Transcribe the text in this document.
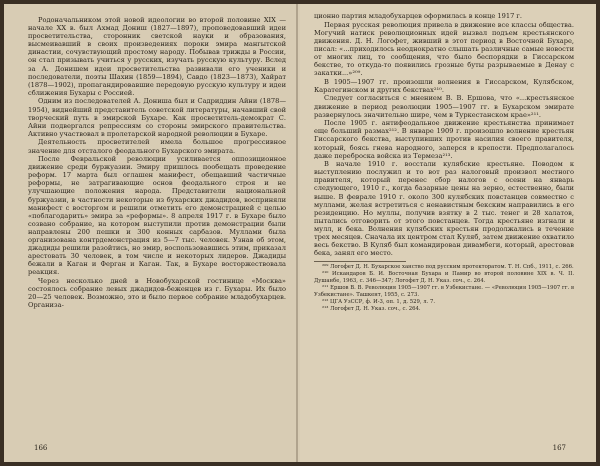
Родоначальником этой новой идеологии во второй половине XIX — начале XX в. был Ахмад Дониш (1827—1897), проповедовавший идеи просветительства, сторонник светской науки и образования, высмеивавший в своих произведениях пороки эмира мангытской династии, сочувствующий простому народу. Побывав трижды в России, он стал призывать учиться у русских, изучать русскую культуру. Вслед за А. Донишем идеи просветительства развивали его ученики и последователи, поэты Шахин (1859—1894), Савдо (1823—1873), Хайрат (1878—1902), пропагандировавшие передовую русскую культуру и идеи сближения Бухары с Россией.

Одним из последователей А. Дониша был и Садриддин Айни (1878—1954), виднейший представитель советской литературы, начавший свой творческий путь в эмирской Бухаре. Как просветитель-демократ С. Айни подвергался репрессиям со стороны эмирского правительства. Активно участвовал в пролетарской народной революции в Бухаре.

Деятельность просветителей имела большое прогрессивное значение для отсталого феодального Бухарского эмирата.

После Февральской революции усиливается оппозиционное движение среди буржуазии. Эмиру пришлось пообещать проведение реформ. 17 марта был оглашен манифест, обещавший частичные реформы, не затрагивающие основ феодального строя и не улучшающие положения народа. Представители национальной буржуазии, в частности некоторые из бухарских джадидов, восприняли манифест с восторгом и решили отметить его демонстрацией с целью «поблагодарить» эмира за «реформы». 8 апреля 1917 г. в Бухаре было созвано собрание, на котором выступили против демонстрации были направлены 200 пешки и 300 конных сарбазов. Муллами была организована контрдемонстрация из 5—7 тыс. человек. Узнав об этом, джадиды решили разойтись, но эмир, воспользовавшись этим, приказал арестовать 30 человек, в том числе и некоторых лидеров. Джадиды бежали в Каган и Ферган и Каган. Так, в Бухаре восторжествовала реакция.

Через несколько дней в Новобухарской гостинице «Москва» состоялось собрание левых джадидов-беженцев из г. Бухары. Их было 20—25 человек. Возможно, это и было первое собрание младобухарцев. Организа-

166

ционно партия младобухарцев оформилась в конце 1917 г.

Первая русская революция привела в движение все классы общества. Могучий натиск революционных идей вызвал подъем крестьянского движения. Д. Н. Логофет, живший в этот период в Восточной Бухаре, писал: «...приходилось неоднократно слышать различные самые новости от многих лиц, то сообщения, что было беспорядки в Гиссарском бекстве, то откуда-то появились грозные буты разрываемые в Денау с закатки...»²⁰⁹.

В 1905—1907 гг. произошли волнения в Гиссарском, Кулябском, Каратегинском и других бекствах²¹⁰.

Следует согласиться с мнением В. В. Ершова, что «...крестьянское движение в период революции 1905—1907 гг. в Бухарском эмирате развернулось значительно шире, чем в Туркестанском крае»²¹¹.

После 1905 г. антифеодальное движение крестьянства принимает еще больший размах²¹². В январе 1909 г. произошло волнение крестьян Гиссарского бекства, выступивших против насилия своего правителя, который, боясь гнева народного, заперся в крепости. Предполагалось даже переброска войска из Термеза²¹³.

В начале 1910 г. восстали кулябские крестьяне. Поводом к выступлению послужил и то вот раз налоговый произвол местного правителя, который перенес сбор налогов с осени на январь следующего, 1910 г., когда базарные цены на зерно, естественно, были выше. В феврале 1910 г. около 300 кулябских повстанцев совместно с муллами, желая встретиться с ненавистным бекским направились в его резиденцию. Но муллы, получив взятку в 2 тыс. тенег и 28 халатов, пытались отговорить от этого повстанцев. Тогда крестьяне изгнали и мулл, и бека. Волнения кулябских крестьян продолжались в течение трех месяцев. Сначала их центром стал Куляб, затем движение охватило весь бекство. В Куляб был командирован дивамбеги, который, арестовав бека, занял его место.

²⁰⁹ Логофет Д. Н. Бухарское ханство под русским протекторатом. Т. Н. Спб., 1911, с. 266.

²¹⁰ Искандаров Б. И. Восточная Бухара и Памир во второй половине XIX в. Ч. II. Душанбе, 1963, с. 346—347; Логофет Д. Н. Указ. соч., с. 264.

²¹¹ Ершов В. В. Революция 1905—1907 гг. в Узбекистане. — «Революция 1905—1907 гг. в Узбекистане». Ташкент, 1955, с. 273.

²¹² ЦГА УзССР, ф. И-3, оп. 1, д. 529, л. 7.

²¹³ Логофет Д. Н. Указ. соч., с. 264.

167
